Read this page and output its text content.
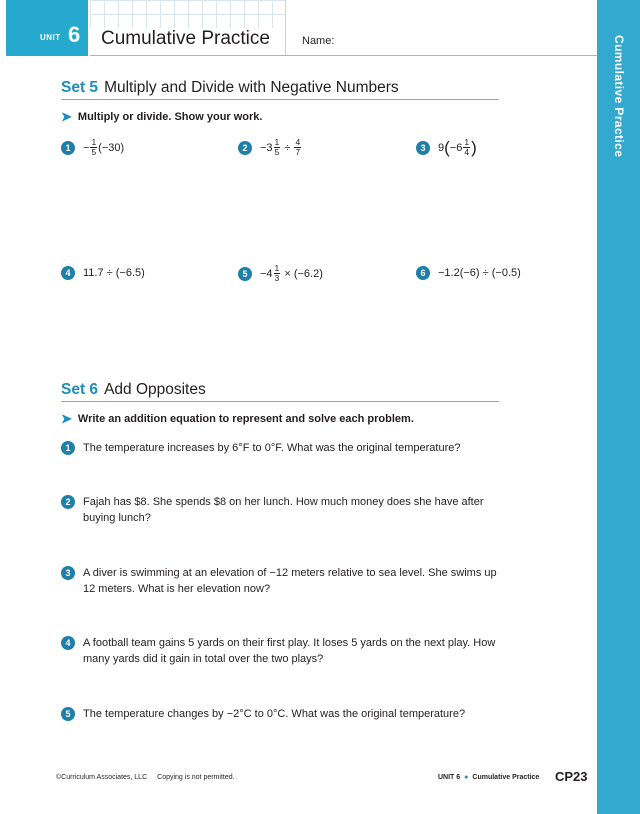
UNIT 6 Cumulative Practice	Name:	Cumulative Practice
Set 5 Multiply and Divide with Negative Numbers
➤ Multiply or divide. Show your work.
1	− $\frac{1}{5} (-30)$	2	$-3 \frac{1}{5} \div \frac{4}{7}$	3	9 ( $-6 \frac{1}{4}$ )
4	11.7 ÷ (−6.5)	5	$-4 \frac{1}{3} \times (-6.2)$	6	−1.2(−6) ÷ (−0.5)
Set 6 Add Opposites
➤ Write an addition equation to represent and solve each problem.
1	The temperature increases by 6°F to 0°F. What was the original temperature?
2	Fajah has $8. She spends $8 on her lunch. How much money does she have after buying lunch?
3	A diver is swimming at an elevation of −12 meters relative to sea level. She swims up 12 meters. What is her elevation now?
4	A football team gains 5 yards on their first play. It loses 5 yards on the next play. How many yards did it gain in total over the two plays?
5	The temperature changes by −2°C to 0°C. What was the original temperature?
©Curriculum Associates, LLC Copying is not permitted.	UNIT 6 ● Cumulative Practice CP23
